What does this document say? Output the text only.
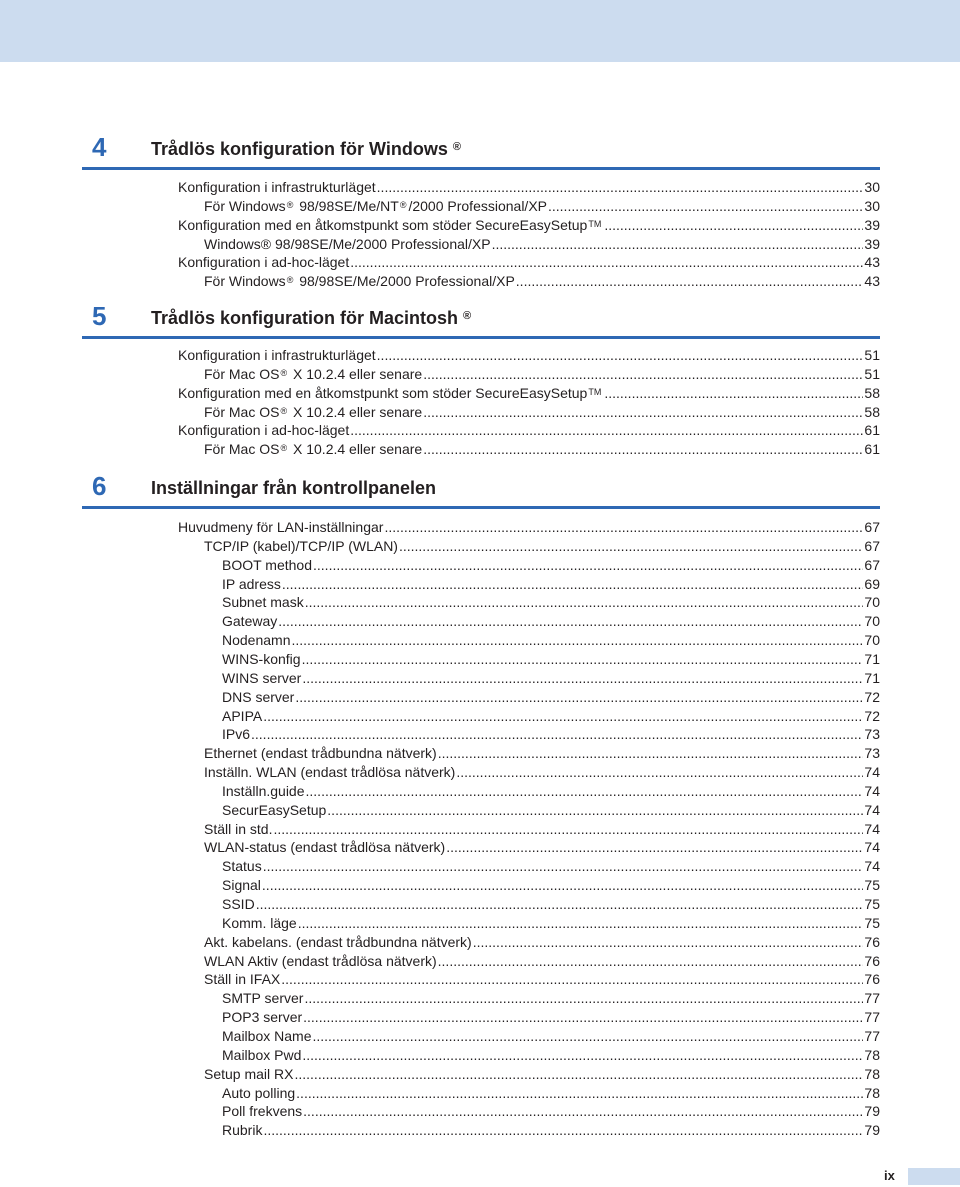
4	Trådlös konfiguration för Windows ®
Konfiguration i infrastrukturläget .....	30
För Windows® 98/98SE/Me/NT® /2000 Professional/XP .....	30
Konfiguration med en åtkomstpunkt som stöder SecureEasySetup™ .....	39
Windows® 98/98SE/Me/2000 Professional/XP .....	39
Konfiguration i ad-hoc-läget .....	43
För Windows® 98/98SE/Me/2000 Professional/XP .....	43
5	Trådlös konfiguration för Macintosh ®
Konfiguration i infrastrukturläget .....	51
För Mac OS® X 10.2.4 eller senare .....	51
Konfiguration med en åtkomstpunkt som stöder SecureEasySetup™ .....	58
För Mac OS® X 10.2.4 eller senare .....	58
Konfiguration i ad-hoc-läget .....	61
För Mac OS® X 10.2.4 eller senare .....	61
6	Inställningar från kontrollpanelen
Huvudmeny för LAN-inställningar .....	67
TCP/IP (kabel)/TCP/IP (WLAN) .....	67
BOOT method .....	67
IP adress .....	69
Subnet mask .....	70
Gateway .....	70
Nodenamn .....	70
WINS-konfig .....	71
WINS server .....	71
DNS server .....	72
APIPA .....	72
IPv6 .....	73
Ethernet (endast trådbundna nätverk) .....	73
Inställn. WLAN (endast trådlösa nätverk) .....	74
Inställn.guide .....	74
SecurEasySetup .....	74
Ställ in std. .....	74
WLAN-status (endast trådlösa nätverk) .....	74
Status .....	74
Signal .....	75
SSID .....	75
Komm. läge .....	75
Akt. kabelans. (endast trådbundna nätverk) .....	76
WLAN Aktiv (endast trådlösa nätverk) .....	76
Ställ in IFAX .....	76
SMTP server .....	77
POP3 server .....	77
Mailbox Name .....	77
Mailbox Pwd .....	78
Setup mail RX .....	78
Auto polling .....	78
Poll frekvens .....	79
Rubrik .....	79
ix
